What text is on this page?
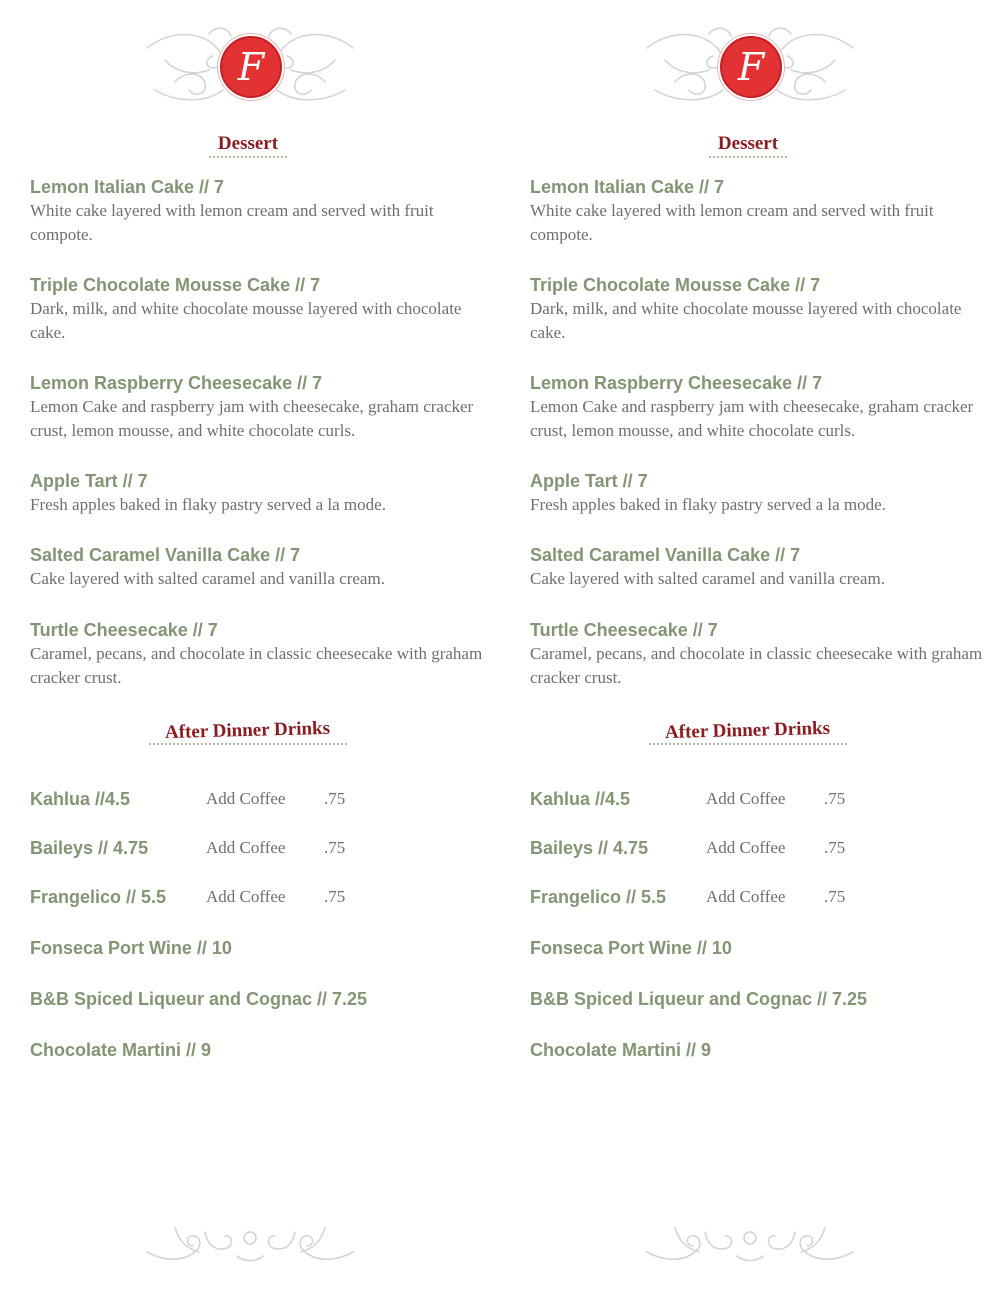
F
Dessert

Lemon Italian Cake // 7

White cake layered with lemon cream and served with fruit compote.

Triple Chocolate Mousse Cake // 7

Dark, milk, and white chocolate mousse layered with chocolate cake.

Lemon Raspberry Cheesecake // 7

Lemon Cake and raspberry jam with cheesecake, graham cracker crust, lemon mousse, and white chocolate curls.

Apple Tart // 7

Fresh apples baked in flaky pastry served a la mode.

Salted Caramel Vanilla Cake // 7

Cake layered with salted caramel and vanilla cream.

Turtle Cheesecake // 7

Caramel, pecans, and chocolate in classic cheesecake with graham cracker crust.

After Dinner Drinks
Kahlua //4.5	Add Coffee .75
Baileys // 4.75	Add Coffee .75
Frangelico // 5.5 Add Coffee .75
Fonseca Port Wine // 10
B&B Spiced Liqueur and Cognac // 7.25
Chocolate Martini // 9
F
Dessert

Lemon Italian Cake // 7

White cake layered with lemon cream and served with fruit compote.

Triple Chocolate Mousse Cake // 7

Dark, milk, and white chocolate mousse layered with chocolate cake.

Lemon Raspberry Cheesecake // 7

Lemon Cake and raspberry jam with cheesecake, graham cracker crust, lemon mousse, and white chocolate curls.

Apple Tart // 7

Fresh apples baked in flaky pastry served a la mode.

Salted Caramel Vanilla Cake // 7

Cake layered with salted caramel and vanilla cream.

Turtle Cheesecake // 7

Caramel, pecans, and chocolate in classic cheesecake with graham cracker crust.

After Dinner Drinks
Kahlua //4.5	Add Coffee .75
Baileys // 4.75	Add Coffee .75
Frangelico // 5.5 Add Coffee .75
Fonseca Port Wine // 10
B&B Spiced Liqueur and Cognac // 7.25
Chocolate Martini // 9
